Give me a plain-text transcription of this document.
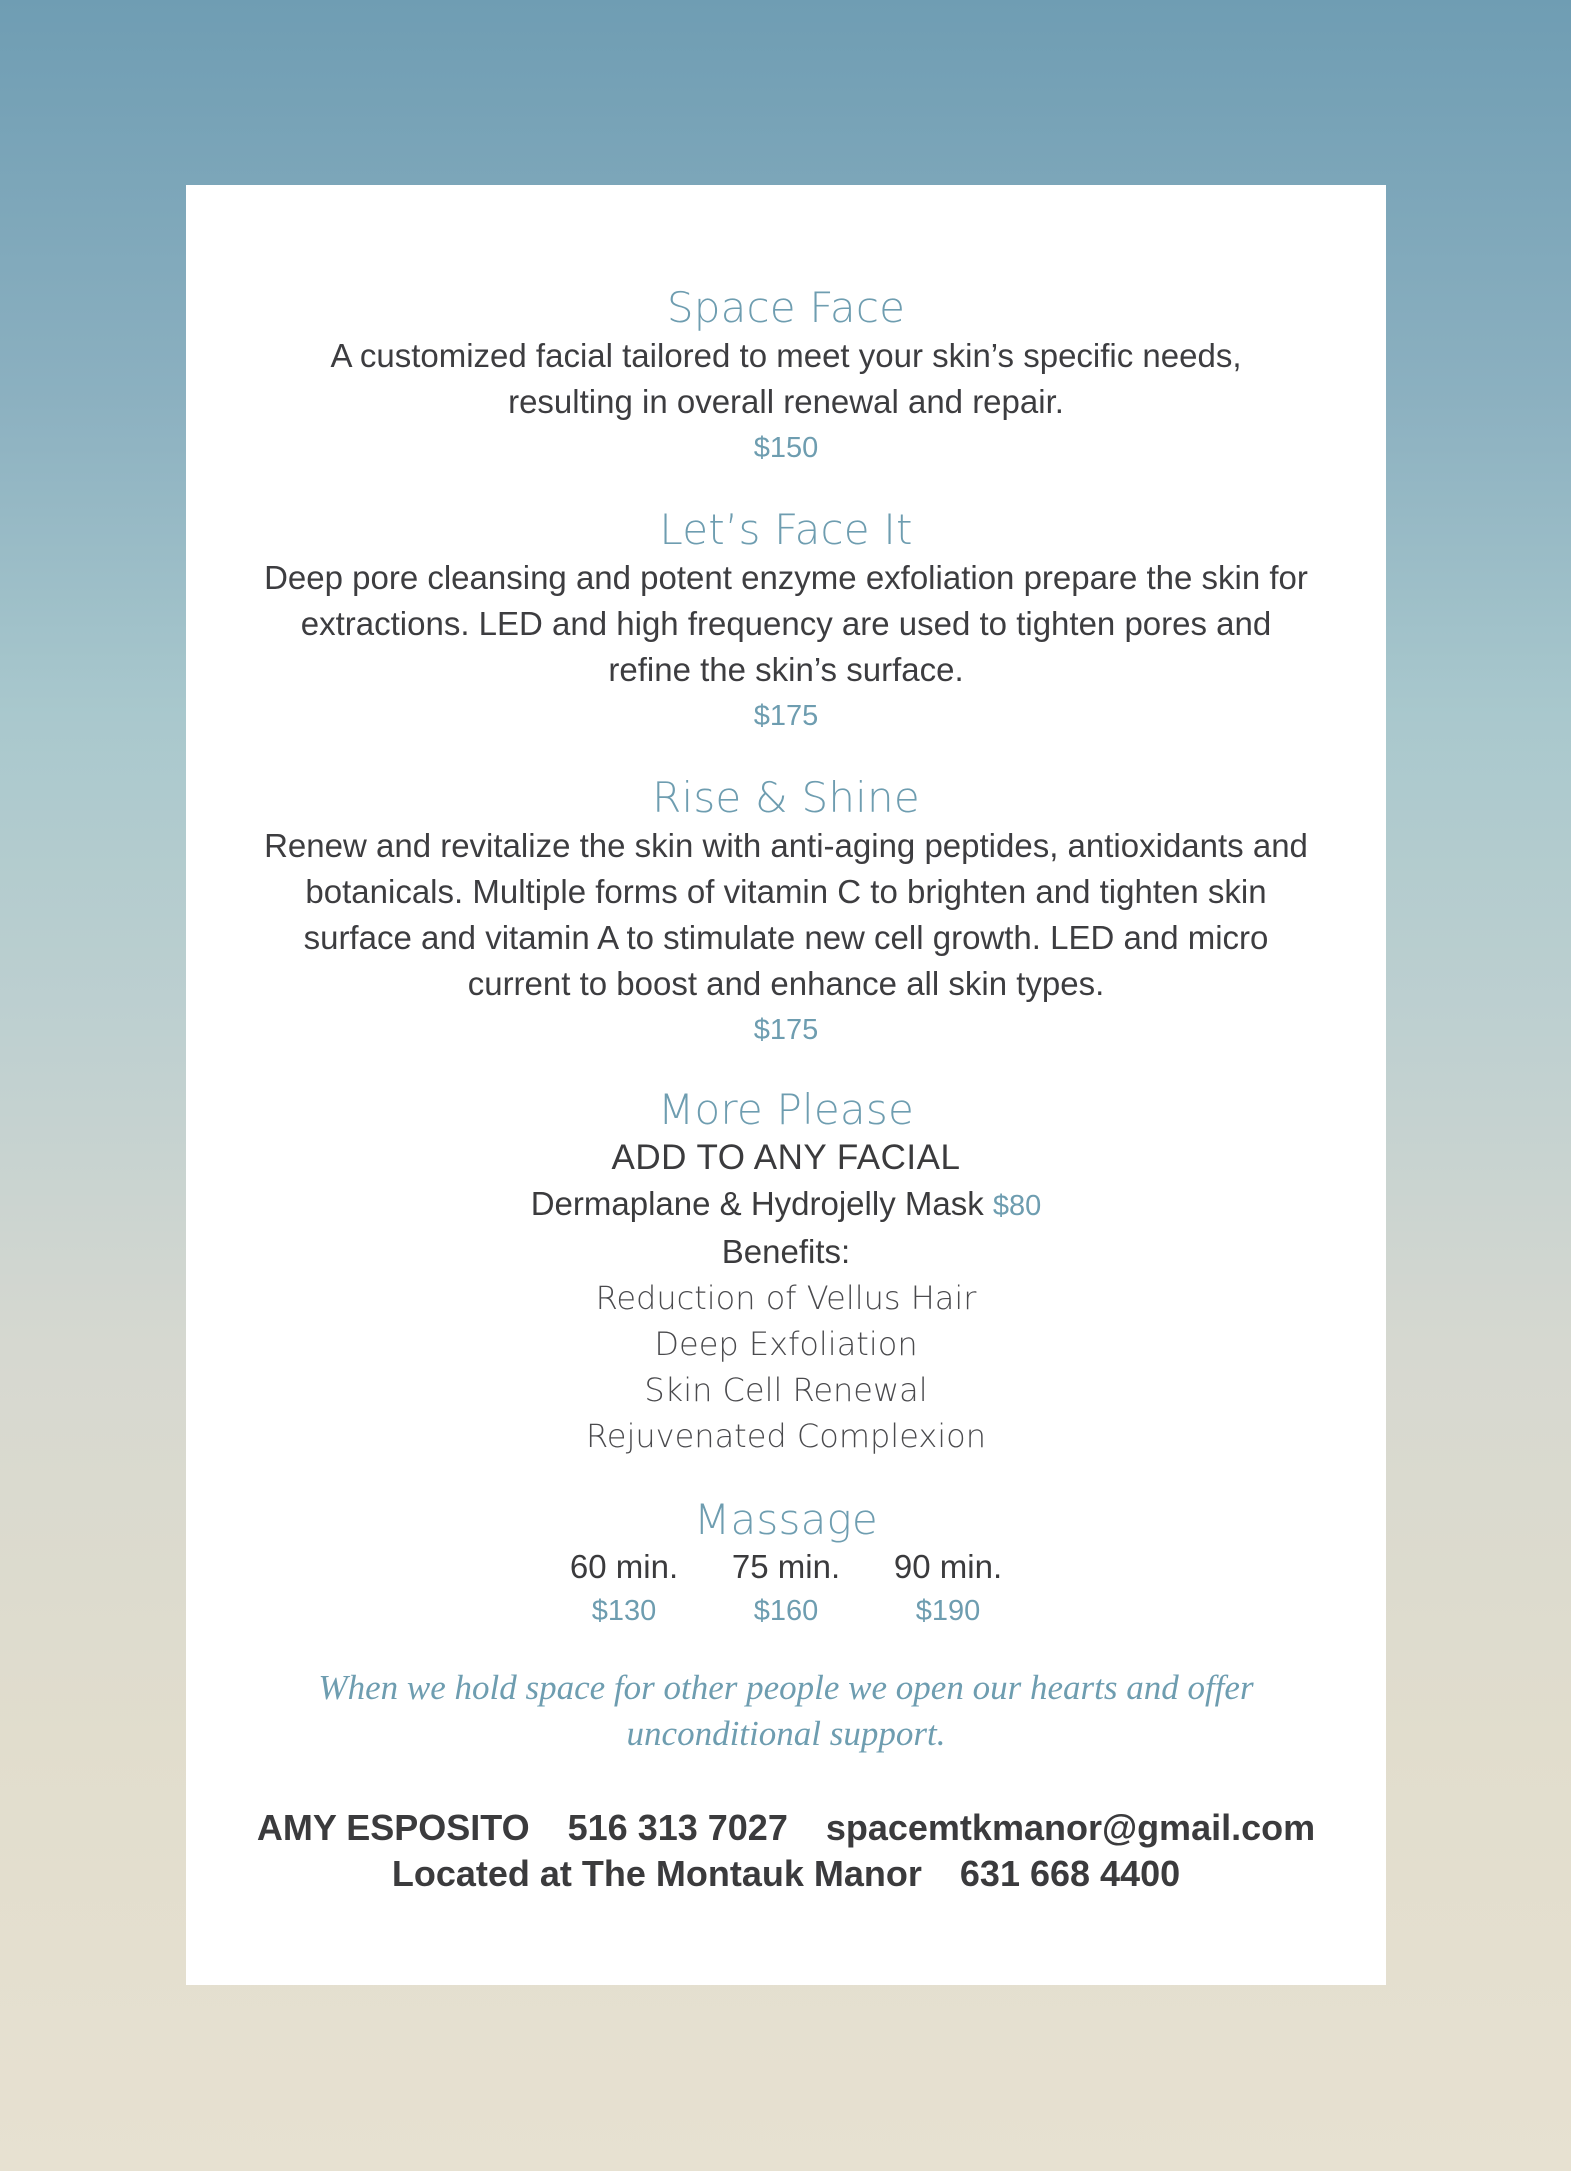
Space Face
A customized facial tailored to meet your skin’s specific needs, resulting in overall renewal and repair.
$150
Let’s Face It
Deep pore cleansing and potent enzyme exfoliation prepare the skin for extractions. LED and high frequency are used to tighten pores and refine the skin’s surface.
$175
Rise & Shine
Renew and revitalize the skin with anti-aging peptides, antioxidants and botanicals. Multiple forms of vitamin C to brighten and tighten skin surface and vitamin A to stimulate new cell growth. LED and micro current to boost and enhance all skin types.
$175
More Please
ADD TO ANY FACIAL
Dermaplane & Hydrojelly Mask $80
Benefits:
Reduction of Vellus Hair
Deep Exfoliation
Skin Cell Renewal
Rejuvenated Complexion
Massage
60 min.
$130
75 min.
$160
90 min.
$190
When we hold space for other people we open our hearts and offer unconditional support.
AMY ESPOSITO 516 313 7027 spacemtkmanor@gmail.com
Located at The Montauk Manor 631 668 4400
